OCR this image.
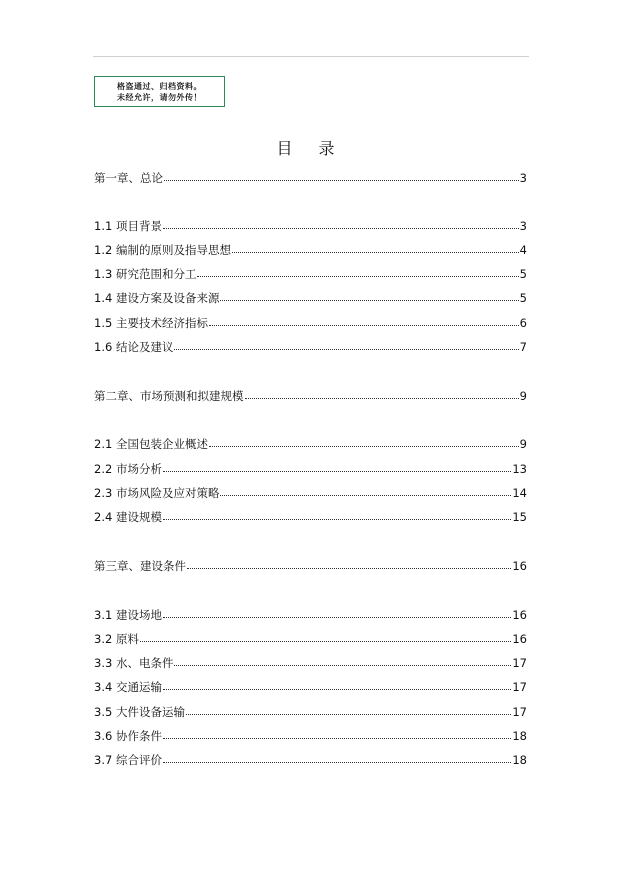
格盗通过、归档资料。
未经允许，请勿外传！
目录
第一章、总论	3
1.1 项目背景	3
1.2 编制的原则及指导思想	4
1.3 研究范围和分工	5
1.4 建设方案及设备来源	5
1.5 主要技术经济指标	6
1.6 结论及建议	7
第二章、市场预测和拟建规模	9
2.1 全国包装企业概述	9
2.2 市场分析	13
2.3 市场风险及应对策略	14
2.4 建设规模	15
第三章、建设条件	16
3.1 建设场地	16
3.2 原料	16
3.3 水、电条件	17
3.4 交通运输	17
3.5 大件设备运输	17
3.6 协作条件	18
3.7 综合评价	18
